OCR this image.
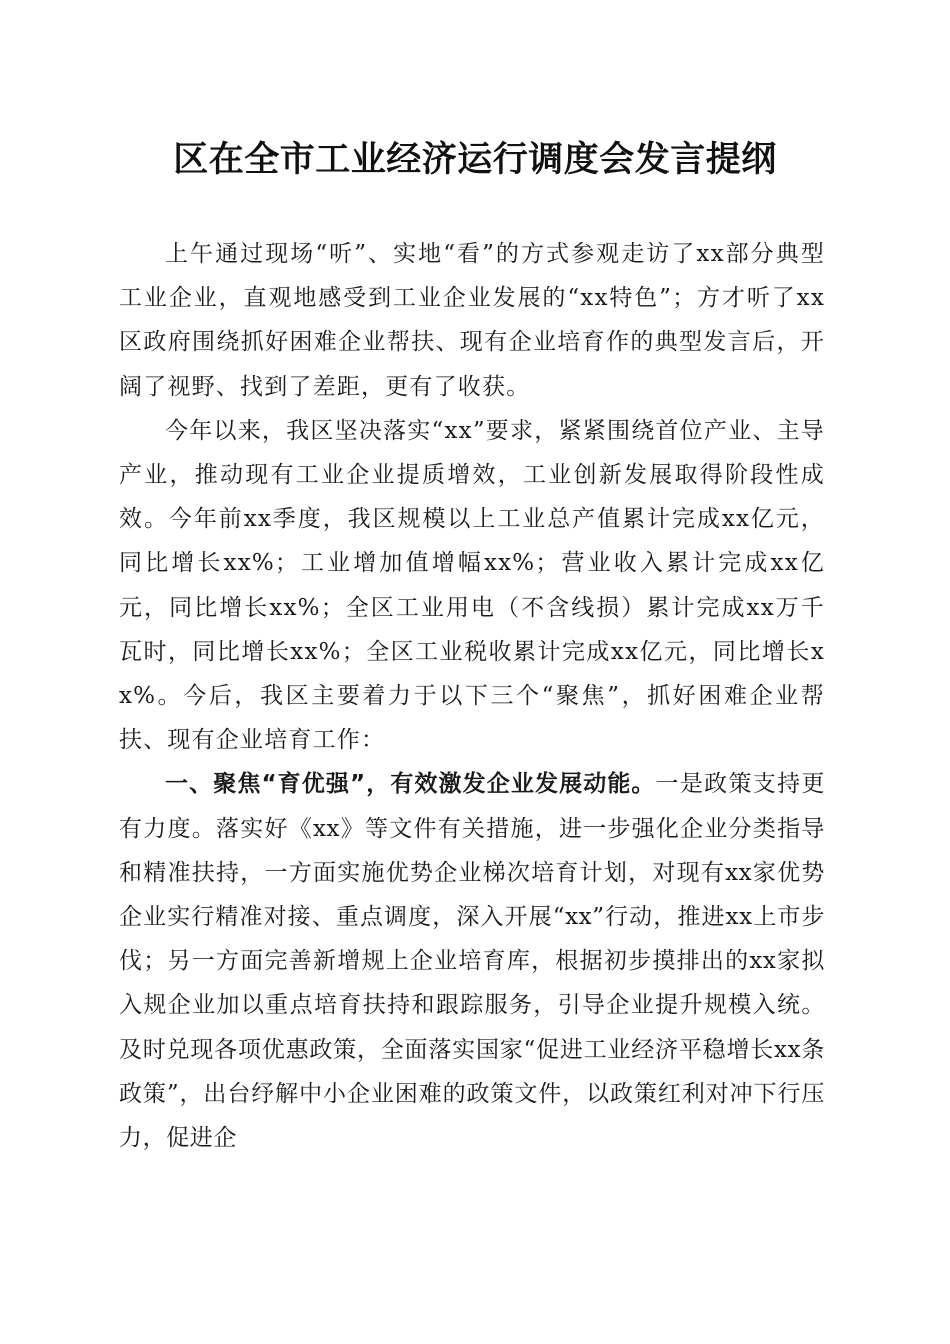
区在全市工业经济运行调度会发言提纲

上午通过现场“听”、实地“看”的方式参观走访了xx部分典型工业企业，直观地感受到工业企业发展的“xx特色”；方才听了xx区政府围绕抓好困难企业帮扶、现有企业培育作的典型发言后，开阔了视野、找到了差距，更有了收获。

今年以来，我区坚决落实“xx”要求，紧紧围绕首位产业、主导产业，推动现有工业企业提质增效，工业创新发展取得阶段性成效。今年前xx季度，我区规模以上工业总产值累计完成xx亿元，同比增长xx%；工业增加值增幅xx%；营业收入累计完成xx亿元，同比增长xx%；全区工业用电（不含线损）累计完成xx万千瓦时，同比增长xx%；全区工业税收累计完成xx亿元，同比增长xx%。今后，我区主要着力于以下三个“聚焦”，抓好困难企业帮扶、现有企业培育工作：

一、聚焦“育优强”，有效激发企业发展动能。一是政策支持更有力度。落实好《xx》等文件有关措施，进一步强化企业分类指导和精准扶持，一方面实施优势企业梯次培育计划，对现有xx家优势企业实行精准对接、重点调度，深入开展“xx”行动，推进xx上市步伐；另一方面完善新增规上企业培育库，根据初步摸排出的xx家拟入规企业加以重点培育扶持和跟踪服务，引导企业提升规模入统。及时兑现各项优惠政策，全面落实国家“促进工业经济平稳增长xx条政策”，出台纾解中小企业困难的政策文件，以政策红利对冲下行压力，促进企
